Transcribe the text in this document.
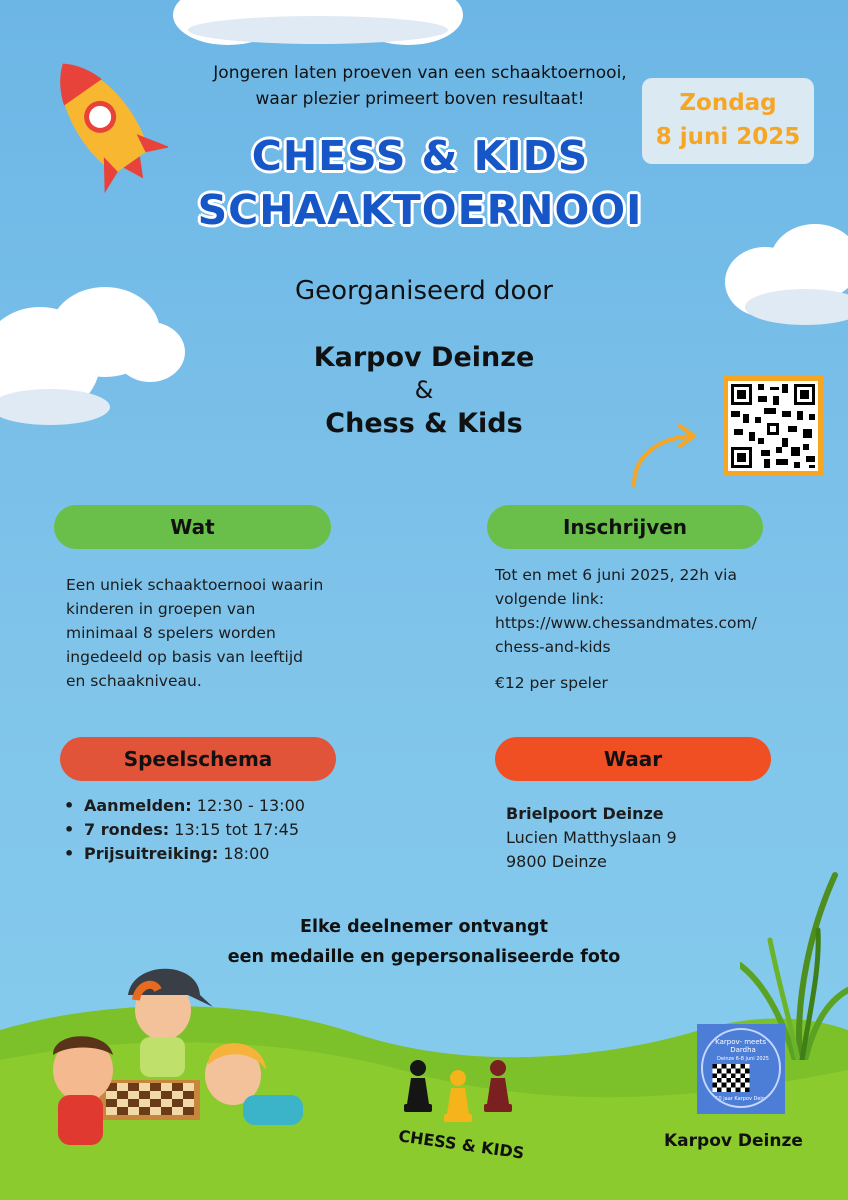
Jongeren laten proeven van een schaaktoernooi,
waar plezier primeert boven resultaat!	Zondag
8 juni 2025
CHESS & KIDS
SCHAAKTOERNOOI
Georganiseerd door
Karpov Deinze
&
Chess & Kids
Wat
Een uniek schaaktoernooi waarin
kinderen in groepen van
minimaal 8 spelers worden
ingedeeld op basis van leeftijd
en schaakniveau.
Inschrijven
Tot en met 6 juni 2025, 22h via
volgende link:
https://www.chessandmates.com/
chess-and-kids
€12 per speler
Speelschema
• Aanmelden: 12:30 - 13:00
• 7 rondes: 13:15 tot 17:45
• Prijsuitreiking: 18:00
Waar
Brielpoort Deinze
Lucien Matthyslaan 9
9800 Deinze
Elke deelnemer ontvangt
een medaille en gepersonaliseerde foto
CHESS & KIDS
Karpov- meets - Dardha
Deinze 6-8 juni 2025
50 jaar Karpov Deinze
Karpov Deinze
